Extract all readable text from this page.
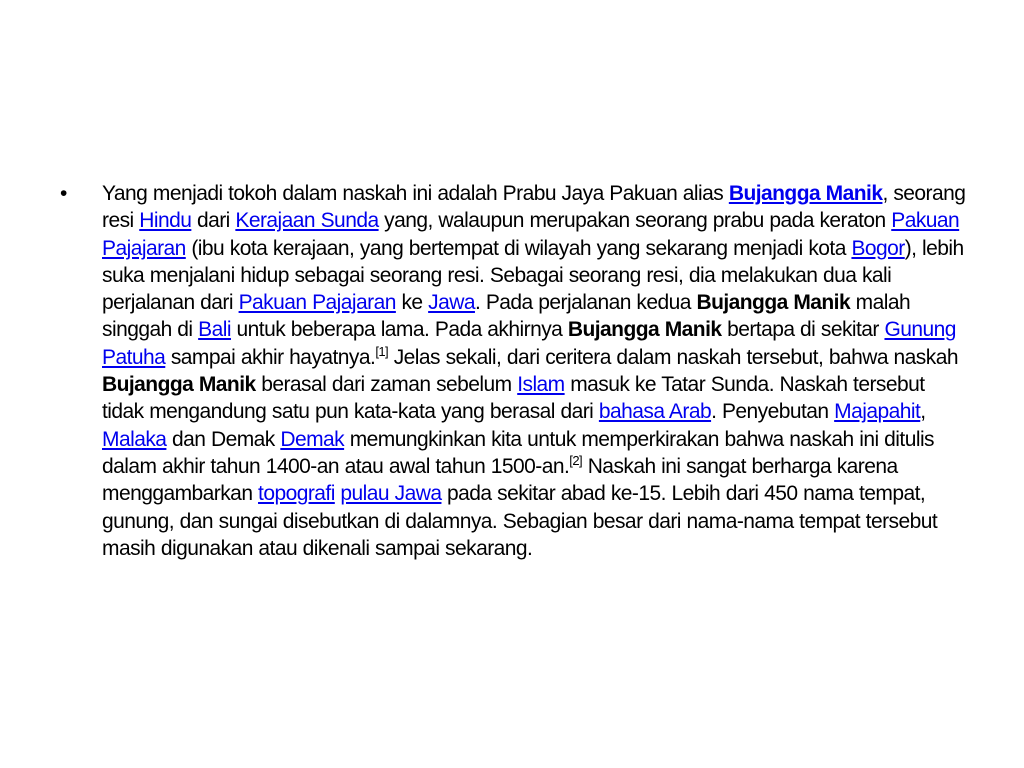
• Yang menjadi tokoh dalam naskah ini adalah Prabu Jaya Pakuan alias Bujangga Manik, seorang resi Hindu dari Kerajaan Sunda yang, walaupun merupakan seorang prabu pada keraton Pakuan Pajajaran (ibu kota kerajaan, yang bertempat di wilayah yang sekarang menjadi kota Bogor), lebih suka menjalani hidup sebagai seorang resi. Sebagai seorang resi, dia melakukan dua kali perjalanan dari Pakuan Pajajaran ke Jawa. Pada perjalanan kedua Bujangga Manik malah singgah di Bali untuk beberapa lama. Pada akhirnya Bujangga Manik bertapa di sekitar Gunung Patuha sampai akhir hayatnya.[1] Jelas sekali, dari ceritera dalam naskah tersebut, bahwa naskah Bujangga Manik berasal dari zaman sebelum Islam masuk ke Tatar Sunda. Naskah tersebut tidak mengandung satu pun kata-kata yang berasal dari bahasa Arab. Penyebutan Majapahit, Malaka dan Demak Demak memungkinkan kita untuk memperkirakan bahwa naskah ini ditulis dalam akhir tahun 1400-an atau awal tahun 1500-an.[2] Naskah ini sangat berharga karena menggambarkan topografi pulau Jawa pada sekitar abad ke-15. Lebih dari 450 nama tempat, gunung, dan sungai disebutkan di dalamnya. Sebagian besar dari nama-nama tempat tersebut masih digunakan atau dikenali sampai sekarang.
